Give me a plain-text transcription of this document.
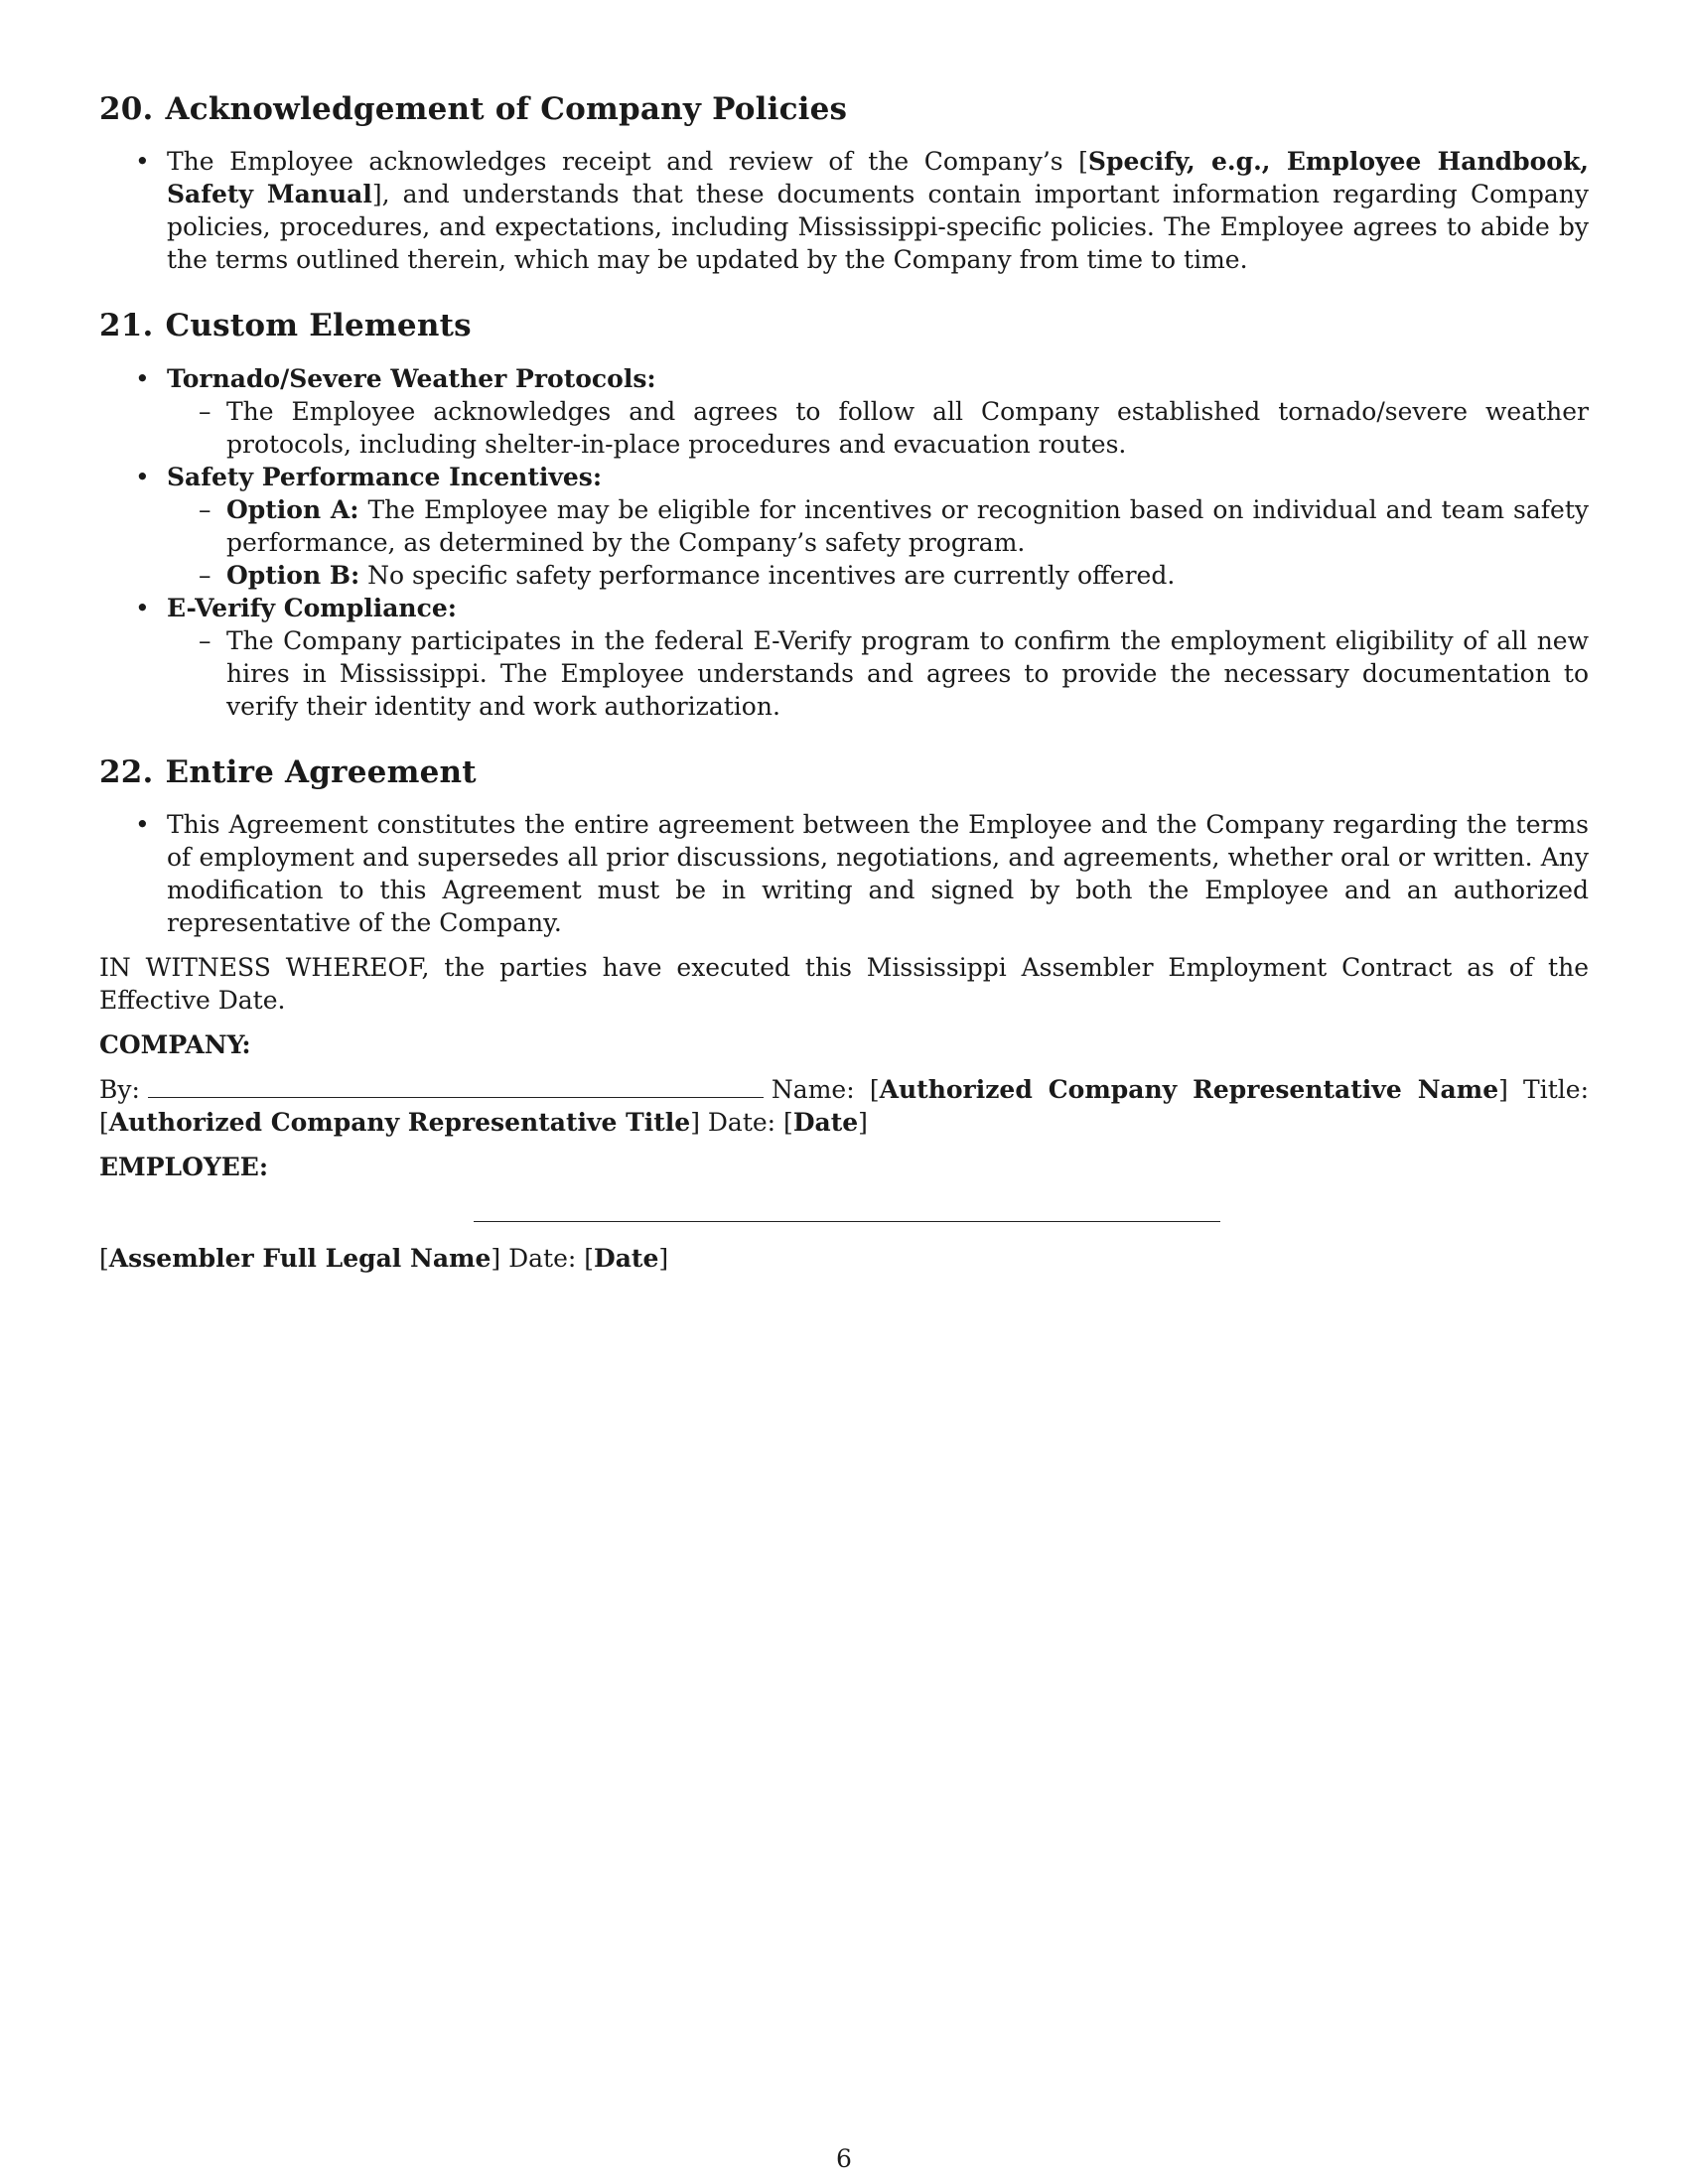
20. Acknowledgement of Company Policies
• The Employee acknowledges receipt and review of the Company’s [Specify, e.g., Employee Handbook, Safety Manual], and understands that these documents contain important information regarding Company policies, procedures, and expectations, including Mississippi-specific policies. The Employee agrees to abide by the terms outlined therein, which may be updated by the Company from time to time.
21. Custom Elements
• Tornado/Severe Weather Protocols:
– The Employee acknowledges and agrees to follow all Company established tornado/severe weather protocols, including shelter-in-place procedures and evacuation routes.
• Safety Performance Incentives:
– Option A: The Employee may be eligible for incentives or recognition based on individual and team safety performance, as determined by the Company’s safety program.
– Option B: No specific safety performance incentives are currently offered.
• E-Verify Compliance:
– The Company participates in the federal E-Verify program to confirm the employment eligibility of all new hires in Mississippi. The Employee understands and agrees to provide the necessary documentation to verify their identity and work authorization.
22. Entire Agreement
• This Agreement constitutes the entire agreement between the Employee and the Company regarding the terms of employment and supersedes all prior discussions, negotiations, and agreements, whether oral or written. Any modification to this Agreement must be in writing and signed by both the Employee and an authorized representative of the Company.
IN WITNESS WHEREOF, the parties have executed this Mississippi Assembler Employment Contract as of the Effective Date.
COMPANY:
By:	Name: [Authorized Company Representative Name] Title: [Authorized Company Representative Title] Date: [Date]
EMPLOYEE:
[Assembler Full Legal Name] Date: [Date]
6
